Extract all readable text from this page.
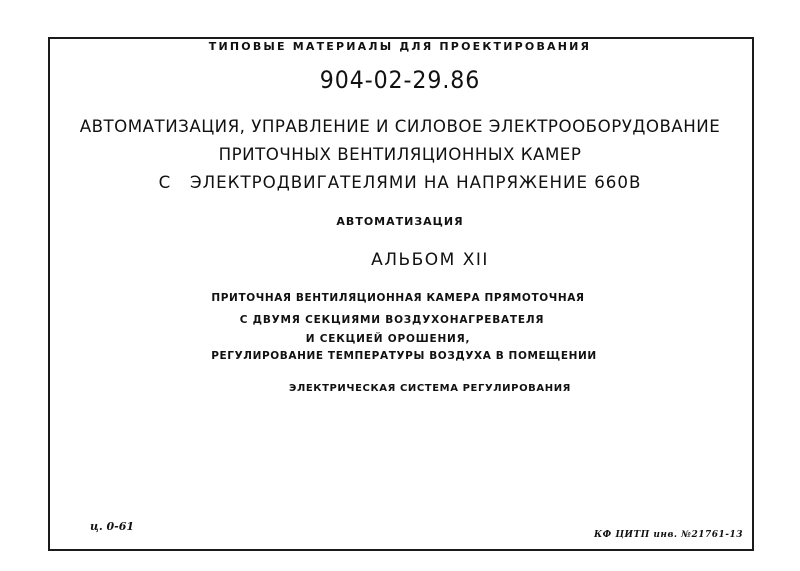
ТИПОВЫЕ МАТЕРИАЛЫ ДЛЯ ПРОЕКТИРОВАНИЯ
904-02-29.86
АВТОМАТИЗАЦИЯ, УПРАВЛЕНИЕ И СИЛОВОЕ ЭЛЕКТРООБОРУДОВАНИЕ
ПРИТОЧНЫХ ВЕНТИЛЯЦИОННЫХ КАМЕР
С   ЭЛЕКТРОДВИГАТЕЛЯМИ НА НАПРЯЖЕНИЕ 660В
АВТОМАТИЗАЦИЯ
АЛЬБОМ XII
ПРИТОЧНАЯ ВЕНТИЛЯЦИОННАЯ КАМЕРА ПРЯМОТОЧНАЯ
С ДВУМЯ СЕКЦИЯМИ ВОЗДУХОНАГРЕВАТЕЛЯ
И СЕКЦИЕЙ ОРОШЕНИЯ,
РЕГУЛИРОВАНИЕ ТЕМПЕРАТУРЫ ВОЗДУХА В ПОМЕЩЕНИИ
ЭЛЕКТРИЧЕСКАЯ СИСТЕМА РЕГУЛИРОВАНИЯ
ц. 0-61
КФ ЦИТП инв. №21761-13
